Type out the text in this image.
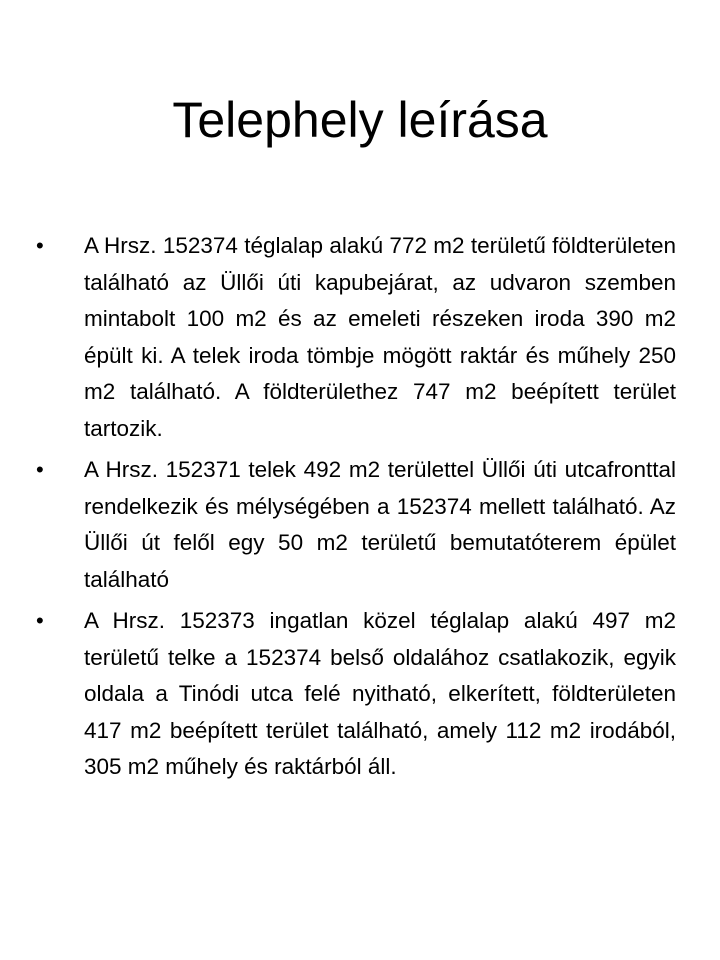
Telephely leírása
• A Hrsz. 152374 téglalap alakú 772 m2 területű földterületen található az Üllői úti kapubejárat, az udvaron szemben mintabolt 100 m2 és az emeleti részeken iroda 390 m2 épült ki. A telek iroda tömbje mögött raktár és műhely 250 m2 található. A földterülethez 747 m2 beépített terület tartozik.
• A Hrsz. 152371 telek 492 m2 területtel Üllői úti utcafronttal rendelkezik és mélységében a 152374 mellett található. Az Üllői út felől egy 50 m2 területű bemutatóterem épület található
• A Hrsz. 152373 ingatlan közel téglalap alakú 497 m2 területű telke a 152374 belső oldalához csatlakozik, egyik oldala a Tinódi utca felé nyitható, elkerített, földterületen 417 m2 beépített terület található, amely 112 m2 irodából, 305 m2 műhely és raktárból áll.
